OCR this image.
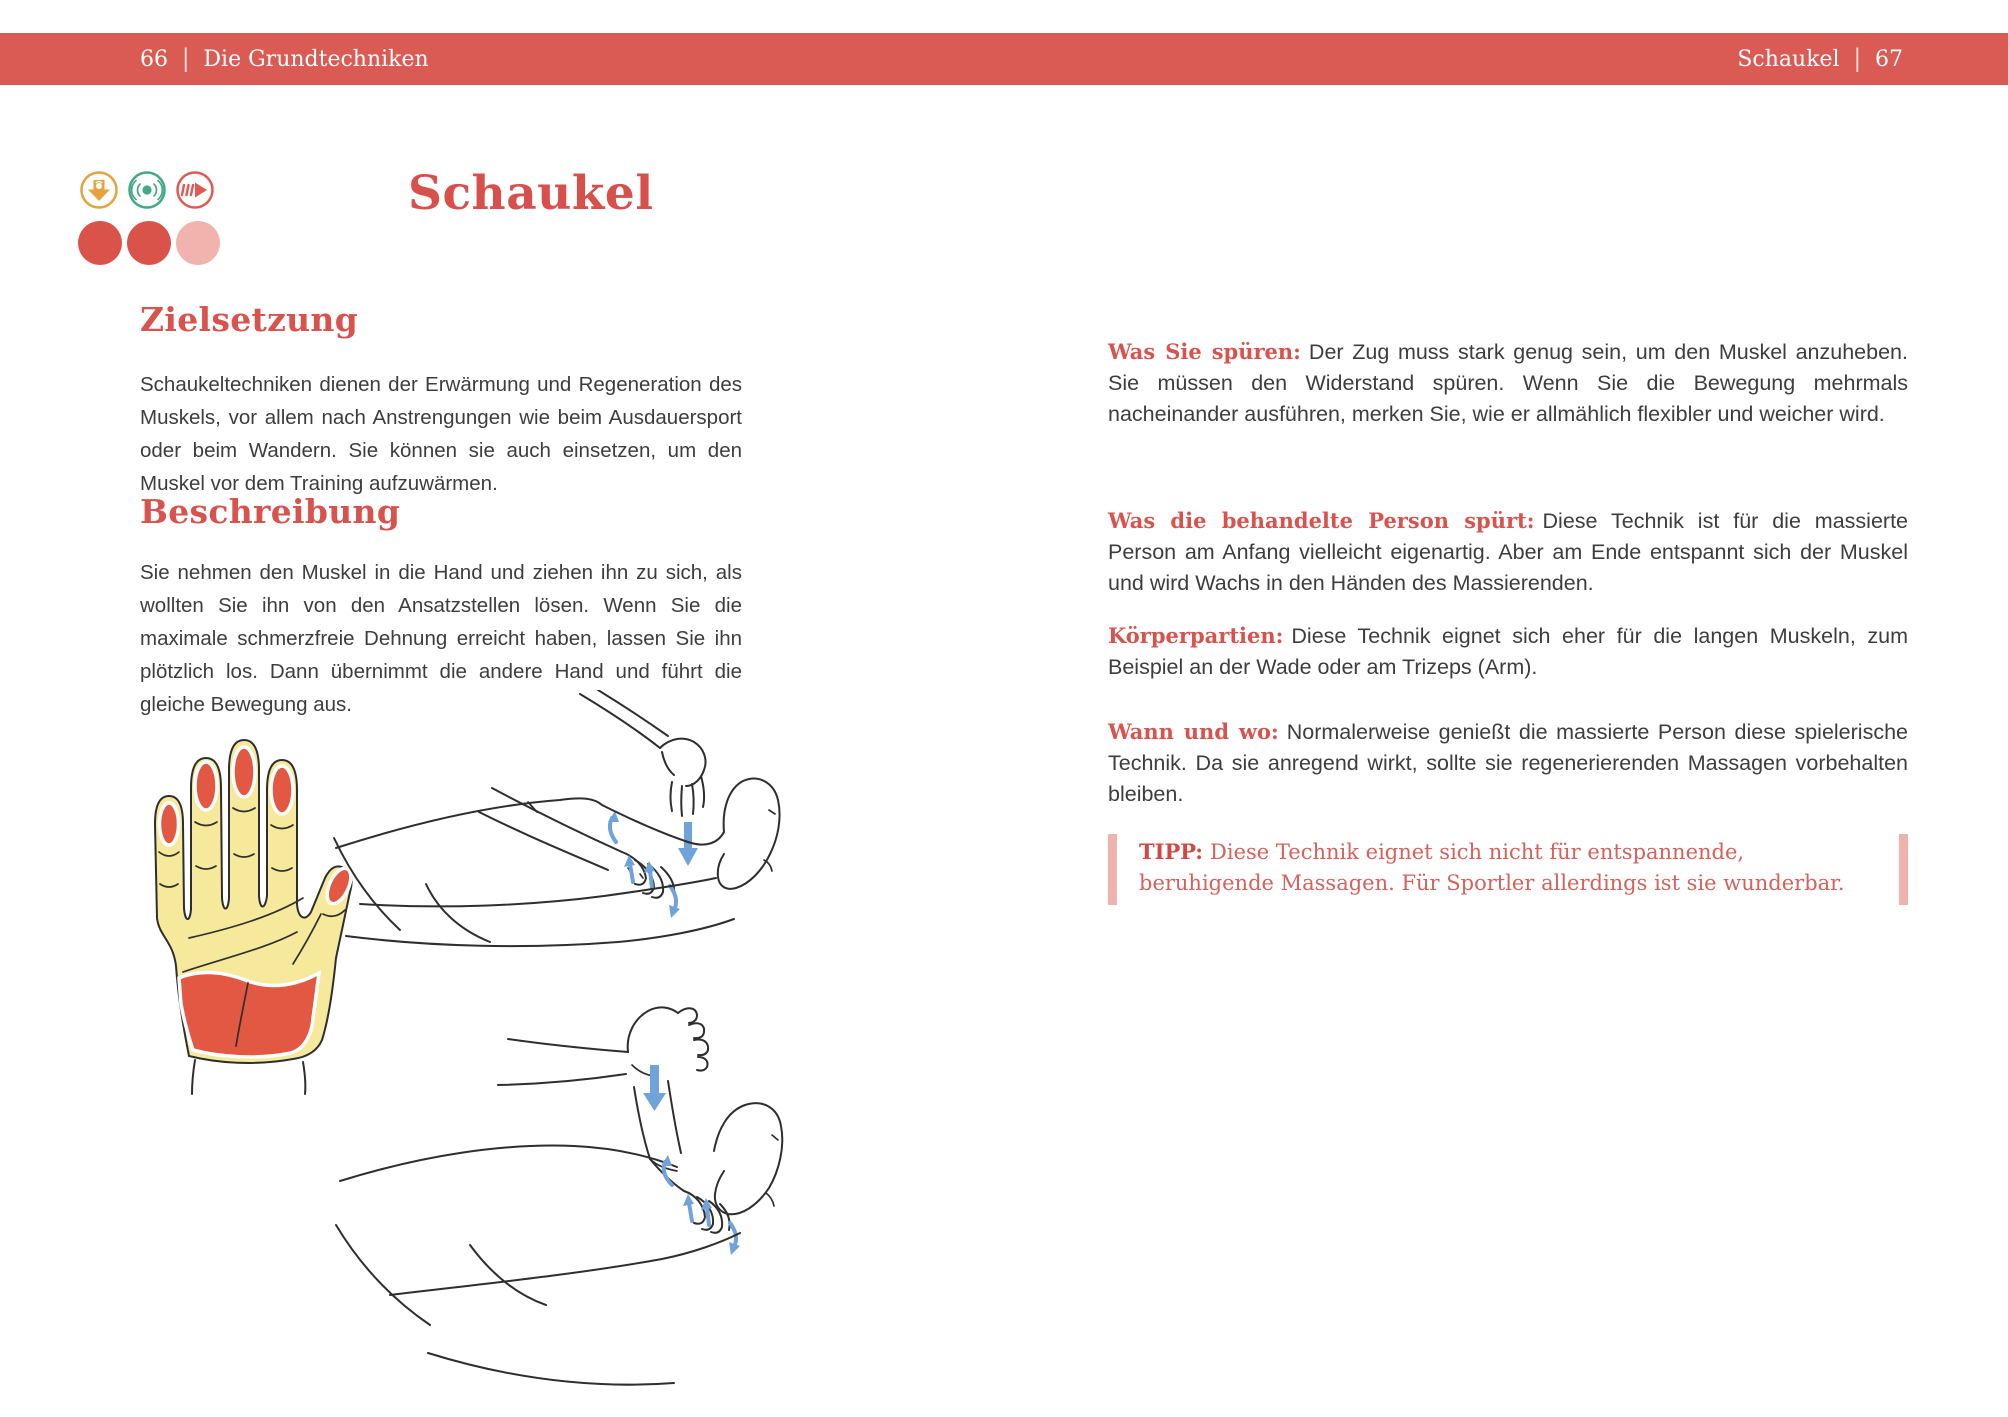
66 | Die Grundtechniken	Schaukel | 67
Schaukel
Zielsetzung

Schaukeltechniken dienen der Erwärmung und Regeneration des Muskels, vor allem nach Anstrengungen wie beim Ausdauersport oder beim Wandern. Sie können sie auch einsetzen, um den Muskel vor dem Training aufzuwärmen.

Beschreibung

Sie nehmen den Muskel in die Hand und ziehen ihn zu sich, als wollten Sie ihn von den Ansatzstellen lösen. Wenn Sie die maximale schmerzfreie Dehnung erreicht haben, lassen Sie ihn plötzlich los. Dann übernimmt die andere Hand und führt die gleiche Bewegung aus.

Was Sie spüren: Der Zug muss stark genug sein, um den Muskel anzuheben. Sie müssen den Widerstand spüren. Wenn Sie die Bewegung mehrmals nacheinander ausführen, merken Sie, wie er allmählich flexibler und weicher wird.

Was die behandelte Person spürt: Diese Technik ist für die massierte Person am Anfang vielleicht eigenartig. Aber am Ende entspannt sich der Muskel und wird Wachs in den Händen des Massierenden.

Körperpartien: Diese Technik eignet sich eher für die langen Muskeln, zum Beispiel an der Wade oder am Trizeps (Arm).

Wann und wo: Normalerweise genießt die massierte Person diese spielerische Technik. Da sie anregend wirkt, sollte sie regenerierenden Massagen vorbehalten bleiben.

TIPP: Diese Technik eignet sich nicht für entspannende, beruhigende Massagen. Für Sportler allerdings ist sie wunderbar.
